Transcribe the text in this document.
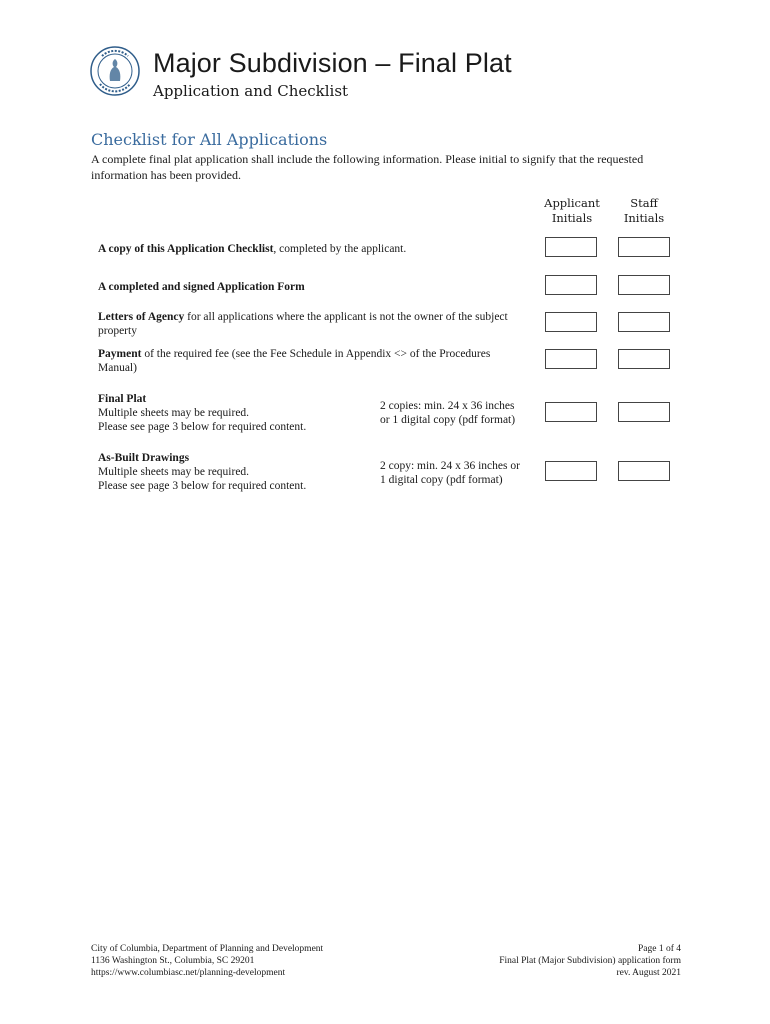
Major Subdivision – Final Plat
Application and Checklist
Checklist for All Applications
A complete final plat application shall include the following information. Please initial to signify that the requested information has been provided.
Applicant
Initials
Staff
Initials
A copy of this Application Checklist, completed by the applicant.
A completed and signed Application Form
Letters of Agency for all applications where the applicant is not the owner of the subject property
Payment of the required fee (see the Fee Schedule in Appendix <> of the Procedures Manual)
Final Plat
Multiple sheets may be required.
Please see page 3 below for required content.
2 copies: min. 24 x 36 inches
or 1 digital copy (pdf format)
As-Built Drawings
Multiple sheets may be required.
Please see page 3 below for required content.
2 copy: min. 24 x 36 inches or
1 digital copy (pdf format)
City of Columbia, Department of Planning and Development
1136 Washington St., Columbia, SC 29201
https://www.columbiasc.net/planning-development
Page 1 of 4
Final Plat (Major Subdivision) application form
rev. August 2021
